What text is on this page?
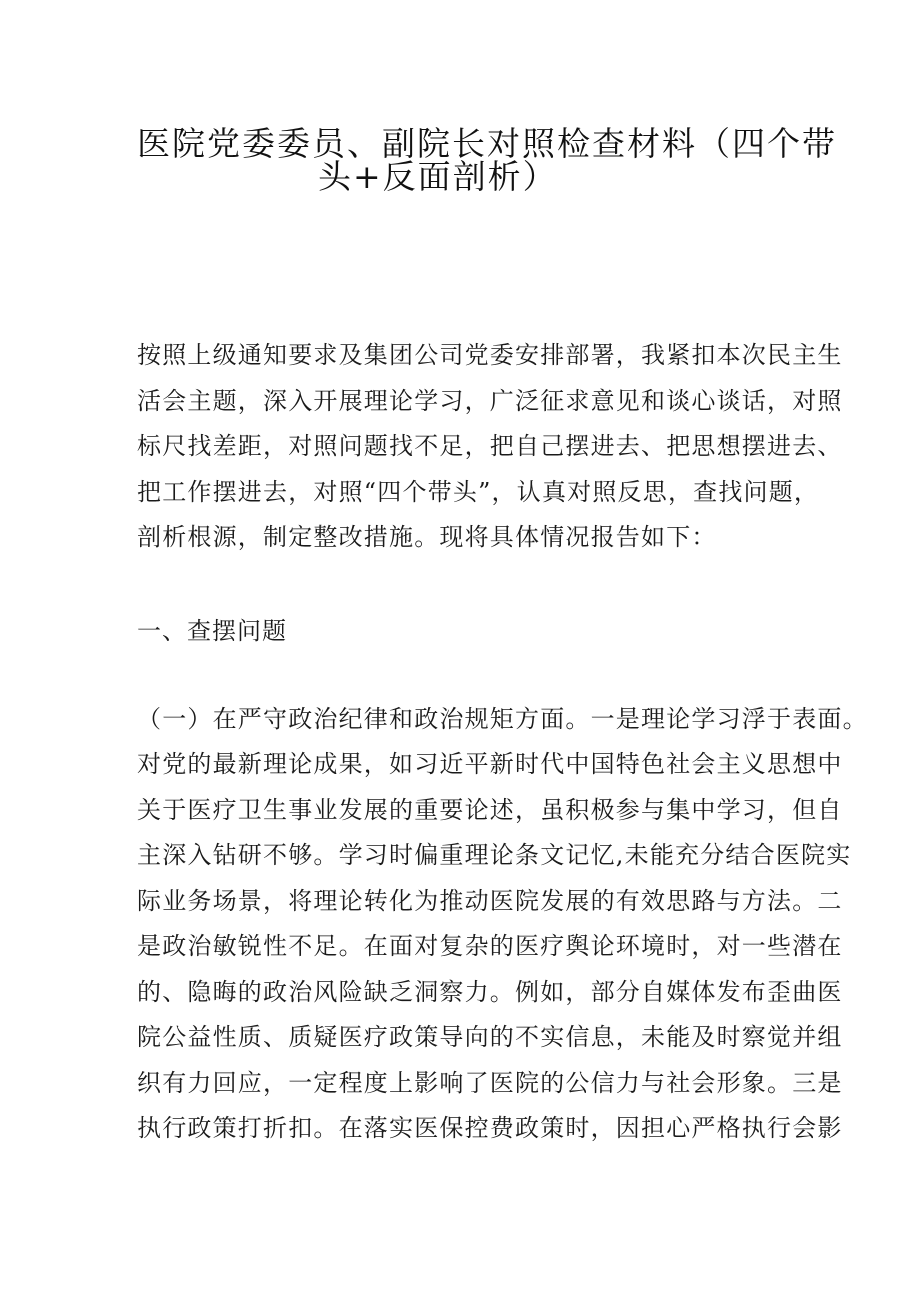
医院党委委员、副院长对照检查材料（四个带
头+反面剖析）
按照上级通知要求及集团公司党委安排部署，我紧扣本次民主生
活会主题，深入开展理论学习，广泛征求意见和谈心谈话，对照
标尺找差距，对照问题找不足，把自己摆进去、把思想摆进去、
把工作摆进去，对照“四个带头”，认真对照反思，查找问题，
剖析根源，制定整改措施。现将具体情况报告如下：
一、查摆问题
（一）在严守政治纪律和政治规矩方面。一是理论学习浮于表面。
对党的最新理论成果，如习近平新时代中国特色社会主义思想中
关于医疗卫生事业发展的重要论述，虽积极参与集中学习，但自
主深入钻研不够。学习时偏重理论条文记忆,未能充分结合医院实
际业务场景，将理论转化为推动医院发展的有效思路与方法。二
是政治敏锐性不足。在面对复杂的医疗舆论环境时，对一些潜在
的、隐晦的政治风险缺乏洞察力。例如，部分自媒体发布歪曲医
院公益性质、质疑医疗政策导向的不实信息，未能及时察觉并组
织有力回应，一定程度上影响了医院的公信力与社会形象。三是
执行政策打折扣。在落实医保控费政策时，因担心严格执行会影
